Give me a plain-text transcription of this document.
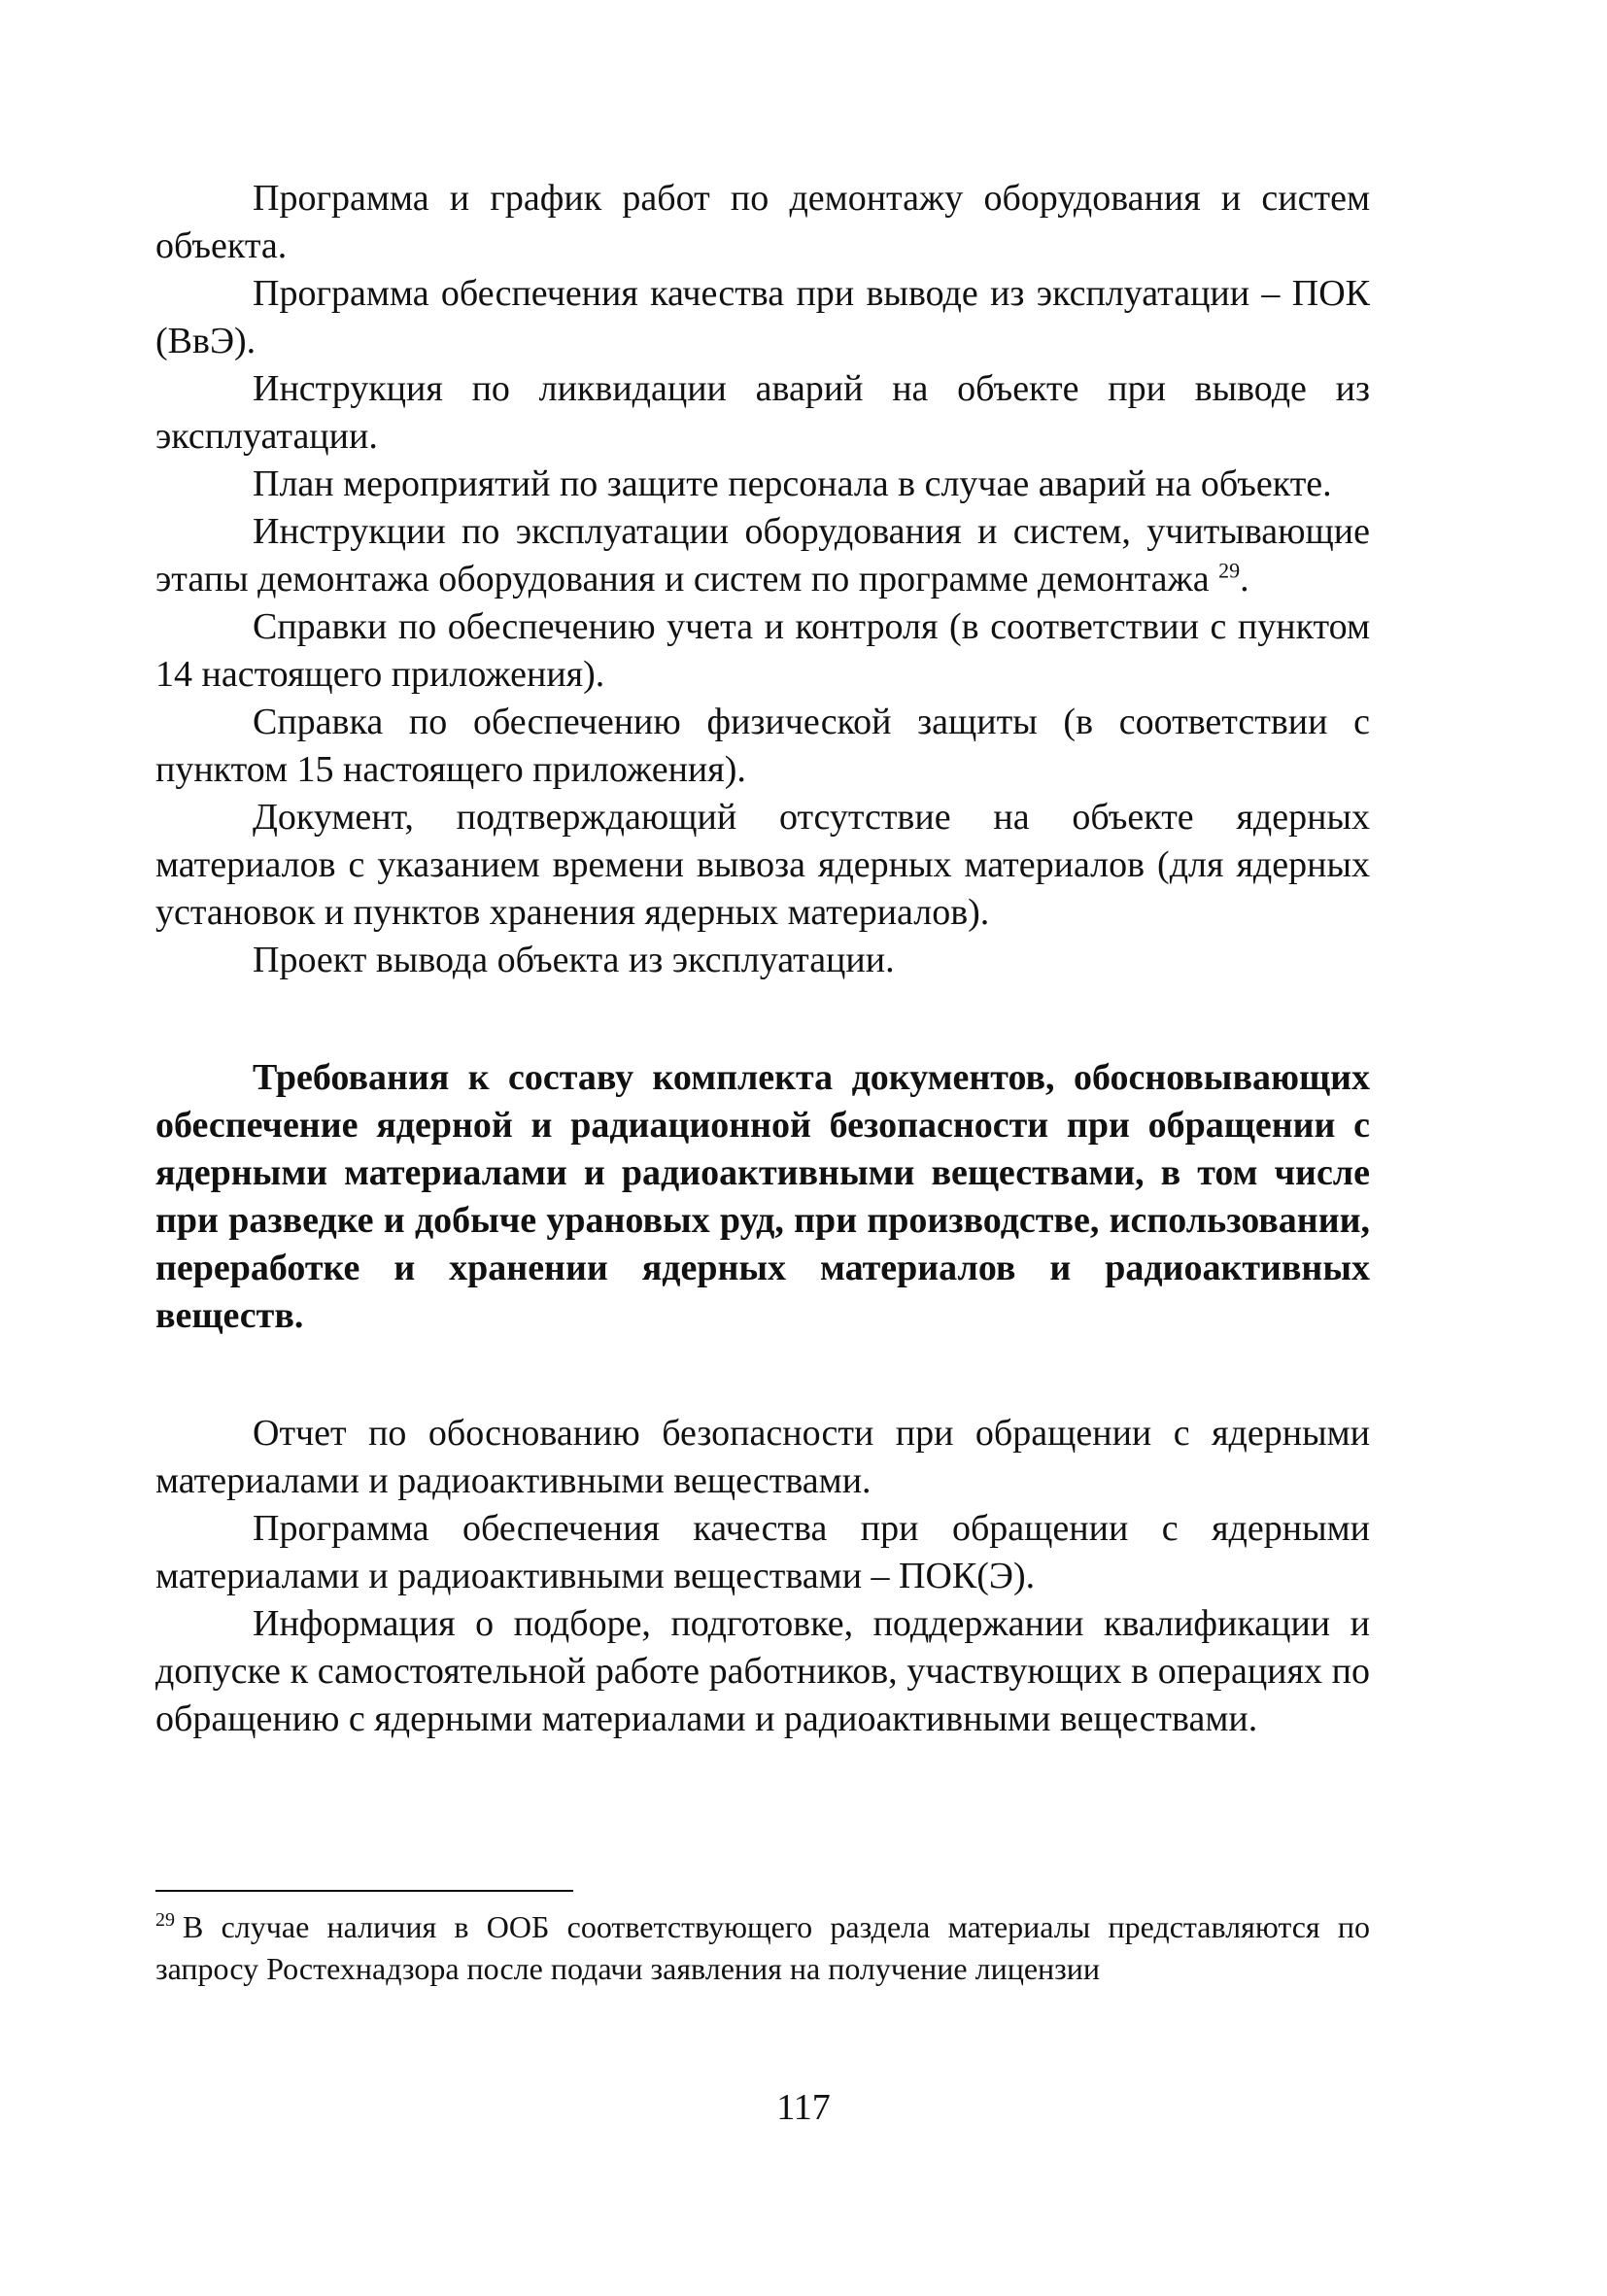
Программа и график работ по демонтажу оборудования и систем объекта.

Программа обеспечения качества при выводе из эксплуатации – ПОК (ВвЭ).

Инструкция по ликвидации аварий на объекте при выводе из эксплуатации.

План мероприятий по защите персонала в случае аварий на объекте.

Инструкции по эксплуатации оборудования и систем, учитывающие этапы демонтажа оборудования и систем по программе демонтажа $^{29}$.

Справки по обеспечению учета и контроля (в соответствии с пунктом 14 настоящего приложения).

Справка по обеспечению физической защиты (в соответствии с пунктом 15 настоящего приложения).

Документ, подтверждающий отсутствие на объекте ядерных материалов с указанием времени вывоза ядерных материалов (для ядерных установок и пунктов хранения ядерных материалов).

Проект вывода объекта из эксплуатации.

Требования к составу комплекта документов, обосновывающих обеспечение ядерной и радиационной безопасности при обращении с ядерными материалами и радиоактивными веществами, в том числе при разведке и добыче урановых руд, при производстве, использовании, переработке и хранении ядерных материалов и радиоактивных веществ.

Отчет по обоснованию безопасности при обращении с ядерными материалами и радиоактивными веществами.

Программа обеспечения качества при обращении с ядерными материалами и радиоактивными веществами – ПОК(Э).

Информация о подборе, подготовке, поддержании квалификации и допуске к самостоятельной работе работников, участвующих в операциях по обращению с ядерными материалами и радиоактивными веществами.

$^{29}$ В случае наличия в ООБ соответствующего раздела материалы представляются по запросу Ростехнадзора после подачи заявления на получение лицензии

117
